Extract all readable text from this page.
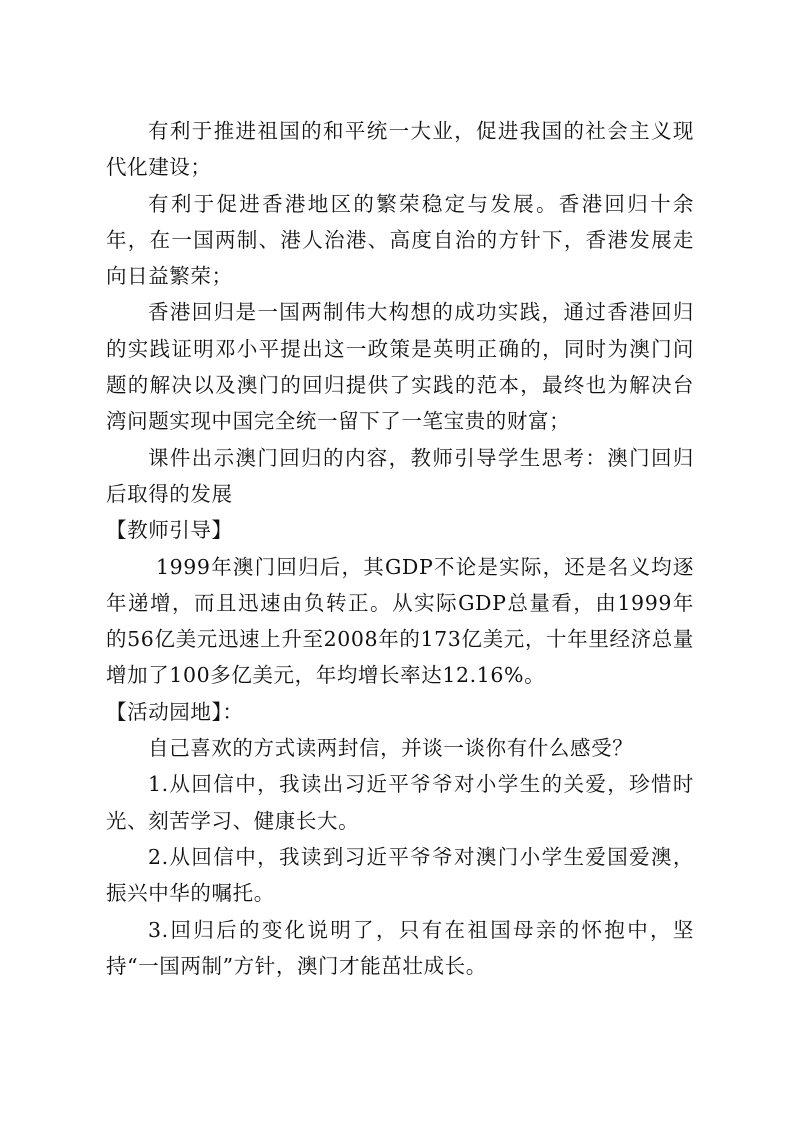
有利于推进祖国的和平统一大业，促进我国的社会主义现代化建设；

有利于促进香港地区的繁荣稳定与发展。香港回归十余年，在一国两制、港人治港、高度自治的方针下，香港发展走向日益繁荣；

香港回归是一国两制伟大构想的成功实践，通过香港回归的实践证明邓小平提出这一政策是英明正确的，同时为澳门问题的解决以及澳门的回归提供了实践的范本，最终也为解决台湾问题实现中国完全统一留下了一笔宝贵的财富；

课件出示澳门回归的内容，教师引导学生思考：澳门回归后取得的发展

【教师引导】

1999年澳门回归后，其GDP不论是实际，还是名义均逐年递增，而且迅速由负转正。从实际GDP总量看，由1999年的56亿美元迅速上升至2008年的173亿美元，十年里经济总量增加了100多亿美元，年均增长率达12.16%。

【活动园地】：

自己喜欢的方式读两封信，并谈一谈你有什么感受？

1.从回信中，我读出习近平爷爷对小学生的关爱，珍惜时光、刻苦学习、健康长大。

2.从回信中，我读到习近平爷爷对澳门小学生爱国爱澳，振兴中华的嘱托。

3.回归后的变化说明了，只有在祖国母亲的怀抱中，坚持“一国两制”方针，澳门才能茁壮成长。
